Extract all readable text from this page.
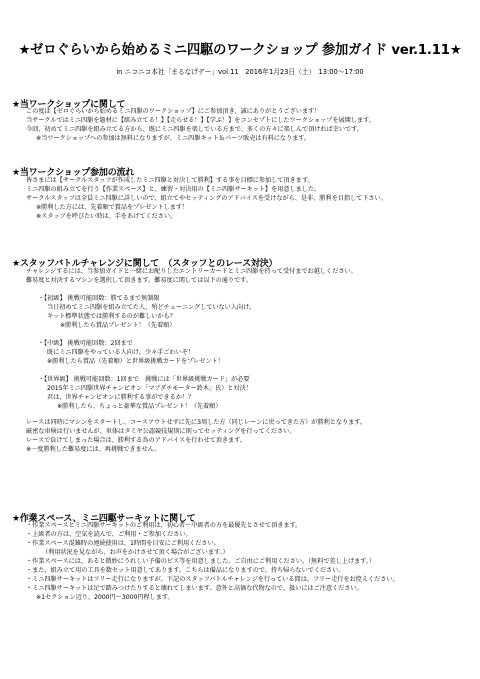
★ゼロぐらいから始めるミニ四駆のワークショップ 参加ガイド ver.1.11★
in ニコニコ本社「まるなげデー」vol.11　2016年1月23日（土）　13:00～17:00
★当ワークショップに関して
この度は【ゼロぐらいから始めるミニ四駆のワークショップ】にご参加頂き、誠にありがとうございます！
当サークルではミニ四駆を題材に【組み立てる！】【走らせる！】【学ぶ！】をコンセプトにしたワークショップを展開します。
今回、初めてミニ四駆を組み立てる方から、既にミニ四駆を楽しでいる方まで、多くの方々に楽しんで頂ければ幸いです。
※当ワークショップへの参加は無料になりますが、ミニ四駆キット＆パーツ販売は有料になります。
★当ワークショップ参加の流れ
皆さまには【サークルスタッフが作成したミニ四駆と対決して勝利】する事を目標に参加して頂きます。
ミニ四駆の組み立てを行う【作業スペース】と、練習・対決用の【ミニ四駆サーキット】を用意しました。
サークルスタッフは全員ミニ四駆に詳しいので、組立てやセッティングのアドバイスを受けながら、是非、勝利を目指して下さい。
※勝利した方には、先着順で賞品をプレゼントします！
※スタッフを呼びたい時は、手をあげてください。
★スタッフバトルチャレンジに関して　（スタッフとのレース対決）
チャレンジするには、当参加ガイドと一緒にお配りしたエントリーカードとミニ四駆を持って受付までお越しください。
難易度と対決するマシンを選択して頂きます。難易度に関しては以下の通りです。
・【初級】 挑戦可能回数：勝てるまで無制限
当日初めてミニ四駆を組み立てた人、殆どチューニングしていない人向け。
キット標準状態では勝利するのが難しいかも？
※勝利したら賞品プレゼント！（先着順）
・【中級】 挑戦可能回数：2回まで
既にミニ四駆をやっている人向け。少々手ごわいぞ！
※勝利したら賞品（先着順）と世界級挑戦カードをプレゼント！
・【世界級】 挑戦可能回数：1回まで　挑戦には「世界級挑戦カード」が必要
2015年ミニ四駆世界チャンピオン「マブダチモーター鈴木」氏）と対決！
君は、世界チャンピオンに勝利する事ができるか！？
※勝利したら、ちょっと豪華な賞品プレゼント！（先着順）
レースは同時にマシンをスタートし、コースアウトせずに先に3周した方（同じレーンに戻ってきた方）が勝利となります。
厳密な車検は行いませんが、車体はタミヤ公認競技規則に則ってセッティングを行ってください。
レースで負けてしまった場合は、勝利する為のアドバイスを行わせて頂きます。
※一度勝利した難易度には、再挑戦できません。
★作業スペース、ミニ四駆サーキットに関して
・作業スペースとミニ四駆サーキットのご利用は、初心者～中級者の方を最優先とさせて頂きます。
・上級者の方は、空気を読んで、ご利用・ご参加ください。
・作業スペース混雑時の連続使用は、1時間を目安にご利用ください。
（利用状況を見ながら、お声をかけさせて頂く場合がございます。）
・作業スペースには、あると微妙にうれしい予備のビス等を用意しました。ご自由にご利用ください。（無料で差し上げます。）
・また、組み立て用の工具を数セット用意してあります。こちらは備品になりますので、持ち帰らないでください。
・ミニ四駆サーキットはフリー走行になりますが、下記のスタッフバトルチャレンジを行っている間は、フリー走行をお控えください。
・ミニ四駆サーキットは足で踏みつけたりすると壊れてしまいます。意外と高価な代物なので、扱いにはご注意ください。
※1セクション辺り、2000円～3000円程します。
